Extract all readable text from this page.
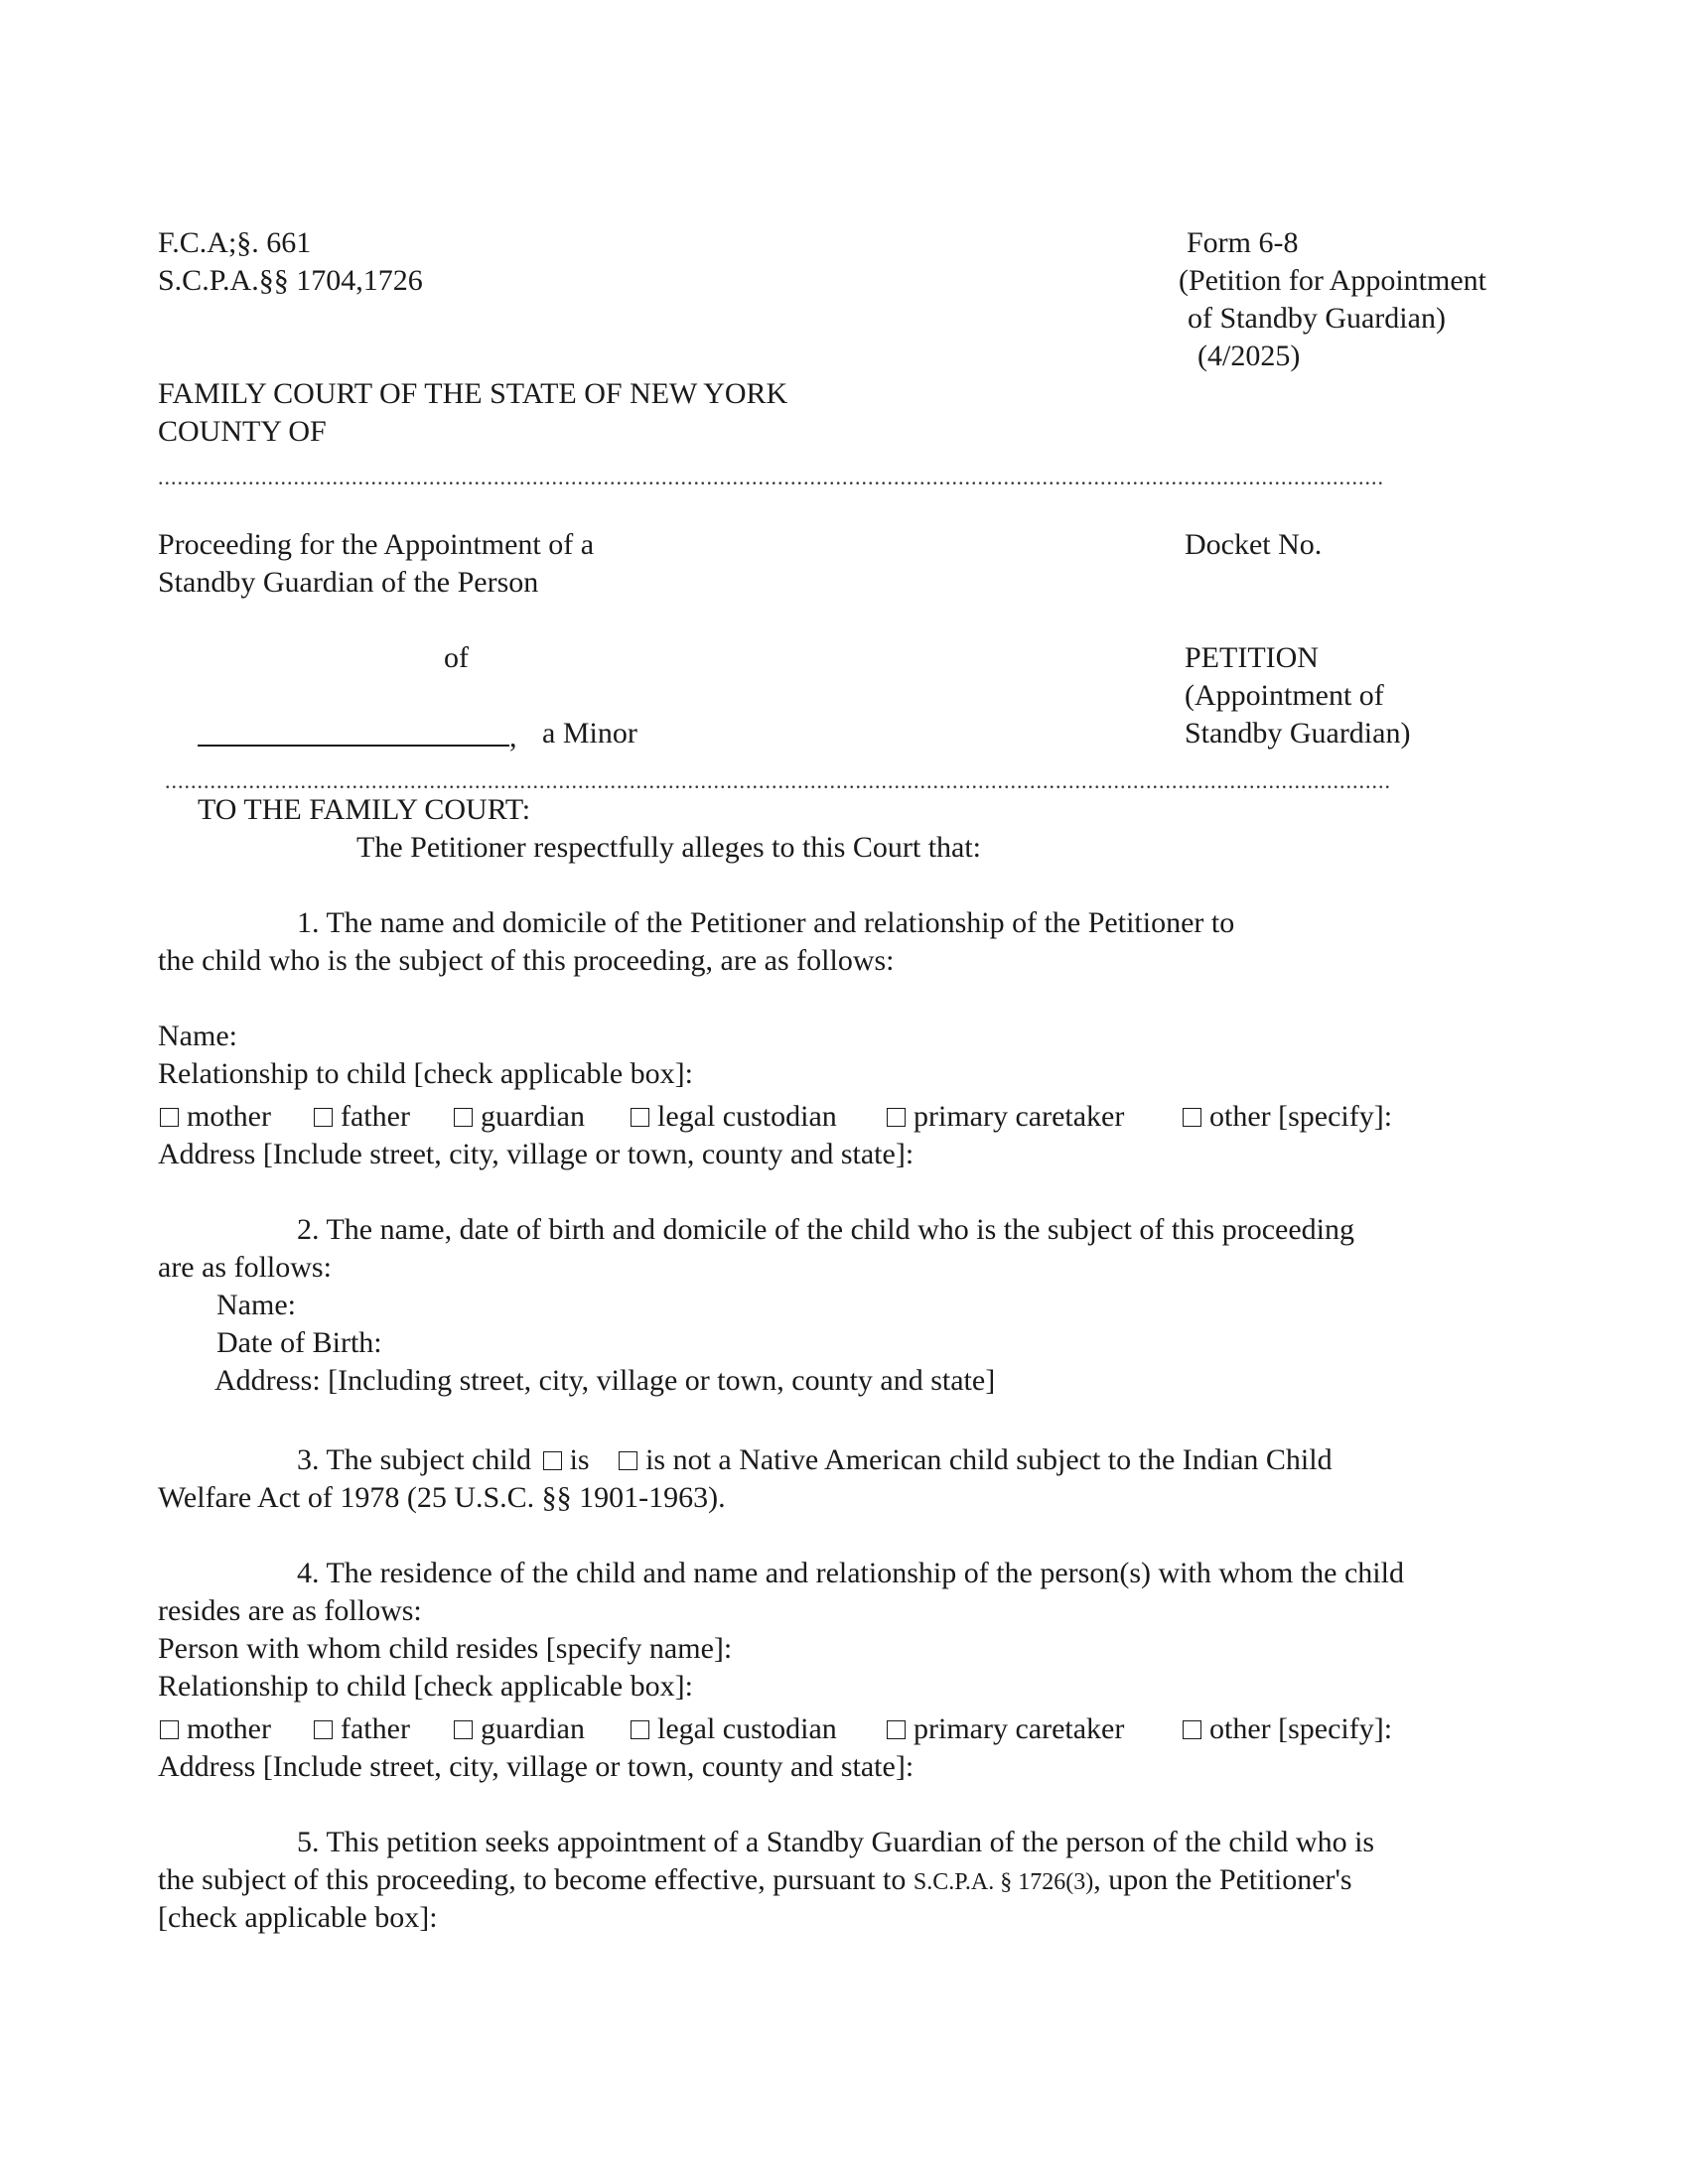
F.C.A;§. 661
S.C.P.A.§§ 1704,1726
Form 6-8
(Petition for Appointment
of Standby Guardian)
(4/2025)
FAMILY COURT OF THE STATE OF NEW YORK
COUNTY OF
..............................................................................................................................................................................................
Proceeding for the Appointment of a
Standby Guardian of the Person
Docket No.
of	PETITION
(Appointment of
Standby Guardian)
, a Minor
..............................................................................................................................................................................................
TO THE FAMILY COURT:
The Petitioner respectfully alleges to this Court that:
1. The name and domicile of the Petitioner and relationship of the Petitioner to
the child who is the subject of this proceeding, are as follows:
Name:
Relationship to child [check applicable box]:
mother	father	guardian	legal custodian	primary caretaker	other [specify]:
Address [Include street, city, village or town, county and state]:
2. The name, date of birth and domicile of the child who is the subject of this proceeding
are as follows:
Name:
Date of Birth:
Address: [Including street, city, village or town, county and state]
3. The subject child is is not a Native American child subject to the Indian Child
Welfare Act of 1978 (25 U.S.C. §§ 1901-1963).
4. The residence of the child and name and relationship of the person(s) with whom the child
resides are as follows:
Person with whom child resides [specify name]:
Relationship to child [check applicable box]:
mother	father	guardian	legal custodian	primary caretaker	other [specify]:
Address [Include street, city, village or town, county and state]:
5. This petition seeks appointment of a Standby Guardian of the person of the child who is
the subject of this proceeding, to become effective, pursuant to S.C.P.A. § 1726(3), upon the Petitioner's
[check applicable box]:
